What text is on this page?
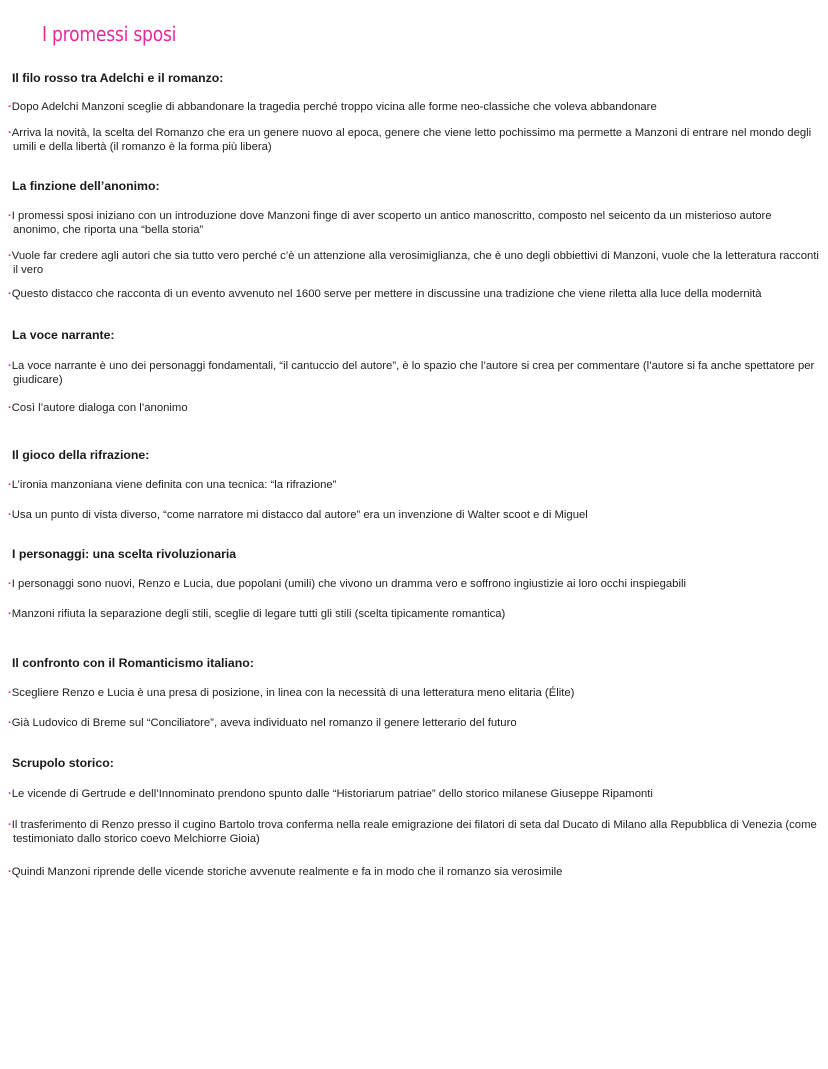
I promessi sposi
Il filo rosso tra Adelchi e il romanzo:

·Dopo Adelchi Manzoni sceglie di abbandonare la tragedia perché troppo vicina alle forme neo-classiche che voleva abbandonare

·Arriva la novità, la scelta del Romanzo che era un genere nuovo al epoca, genere che viene letto pochissimo ma permette a Manzoni di entrare nel mondo degli umili e della libertà (il romanzo è la forma più libera)

La finzione dell’anonimo:

·I promessi sposi iniziano con un introduzione dove Manzoni finge di aver scoperto un antico manoscritto, composto nel seicento da un misterioso autore anonimo, che riporta una “bella storia”

·Vuole far credere agli autori che sia tutto vero perché c’è un attenzione alla verosimiglianza, che è uno degli obbiettivi di Manzoni, vuole che la letteratura racconti il vero

·Questo distacco che racconta di un evento avvenuto nel 1600 serve per mettere in discussine una tradizione che viene riletta alla luce della modernità

La voce narrante:

·La voce narrante è uno dei personaggi fondamentali, “il cantuccio del autore”, è lo spazio che l’autore si crea per commentare (l’autore si fa anche spettatore per giudicare)

·Così l’autore dialoga con l’anonimo

Il gioco della rifrazione:

·L’ironia manzoniana viene definita con una tecnica: “la rifrazione”

·Usa un punto di vista diverso, “come narratore mi distacco dal autore” era un invenzione di Walter scoot e di Miguel

I personaggi: una scelta rivoluzionaria

·I personaggi sono nuovi, Renzo e Lucia, due popolani (umili) che vivono un dramma vero e soffrono ingiustizie ai loro occhi inspiegabili

·Manzoni rifiuta la separazione degli stili, sceglie di legare tutti gli stili (scelta tipicamente romantica)

Il confronto con il Romanticismo italiano:

·Scegliere Renzo e Lucia è una presa di posizione, in linea con la necessità di una letteratura meno elitaria (Élite)

·Già Ludovico di Breme sul “Conciliatore”, aveva individuato nel romanzo il genere letterario del futuro

Scrupolo storico:

·Le vicende di Gertrude e dell’Innominato prendono spunto dalle “Historiarum patriae” dello storico milanese Giuseppe Ripamonti

·Il trasferimento di Renzo presso il cugino Bartolo trova conferma nella reale emigrazione dei filatori di seta dal Ducato di Milano alla Repubblica di Venezia (come testimoniato dallo storico coevo Melchiorre Gioia)

·Quindi Manzoni riprende delle vicende storiche avvenute realmente e fa in modo che il romanzo sia verosimile
